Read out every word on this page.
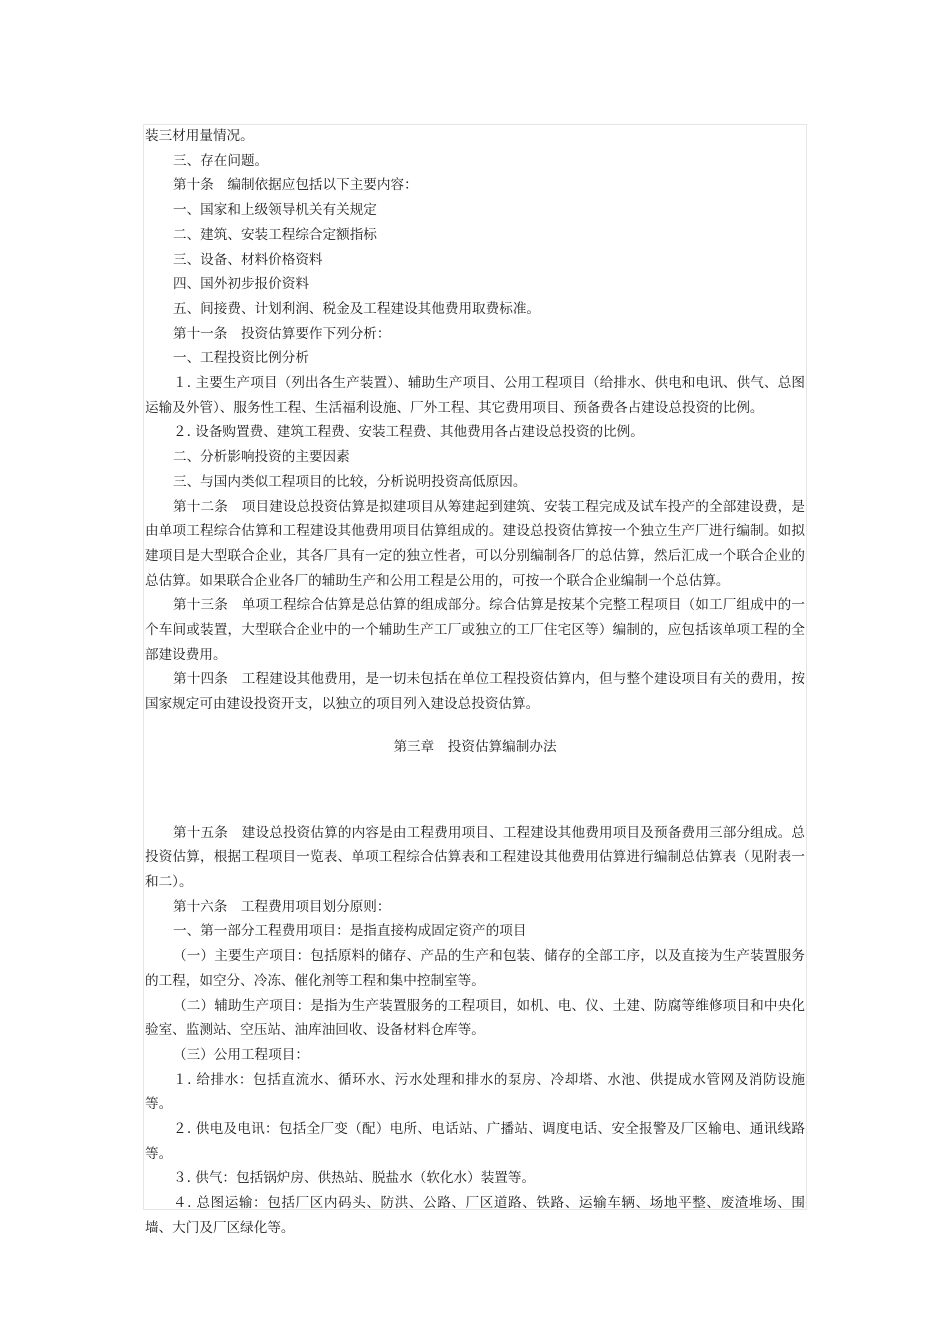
装三材用量情况。

三、存在问题。

第十条　编制依据应包括以下主要内容：

一、国家和上级领导机关有关规定

二、建筑、安装工程综合定额指标

三、设备、材料价格资料

四、国外初步报价资料

五、间接费、计划利润、税金及工程建设其他费用取费标准。

第十一条　投资估算要作下列分析：

一、工程投资比例分析

１. 主要生产项目（列出各生产装置）、辅助生产项目、公用工程项目（给排水、供电和电讯、供气、总图运输及外管）、服务性工程、生活福利设施、厂外工程、其它费用项目、预备费各占建设总投资的比例。

２. 设备购置费、建筑工程费、安装工程费、其他费用各占建设总投资的比例。

二、分析影响投资的主要因素

三、与国内类似工程项目的比较，分析说明投资高低原因。

第十二条　项目建设总投资估算是拟建项目从筹建起到建筑、安装工程完成及试车投产的全部建设费，是由单项工程综合估算和工程建设其他费用项目估算组成的。建设总投资估算按一个独立生产厂进行编制。如拟建项目是大型联合企业，其各厂具有一定的独立性者，可以分别编制各厂的总估算，然后汇成一个联合企业的总估算。如果联合企业各厂的辅助生产和公用工程是公用的，可按一个联合企业编制一个总估算。

第十三条　单项工程综合估算是总估算的组成部分。综合估算是按某个完整工程项目（如工厂组成中的一个车间或装置，大型联合企业中的一个辅助生产工厂或独立的工厂住宅区等）编制的，应包括该单项工程的全部建设费用。

第十四条　工程建设其他费用，是一切未包括在单位工程投资估算内，但与整个建设项目有关的费用，按国家规定可由建设投资开支，以独立的项目列入建设总投资估算。

第三章　投资估算编制办法

第十五条　建设总投资估算的内容是由工程费用项目、工程建设其他费用项目及预备费用三部分组成。总投资估算，根据工程项目一览表、单项工程综合估算表和工程建设其他费用估算进行编制总估算表（见附表一和二）。

第十六条　工程费用项目划分原则：

一、第一部分工程费用项目：是指直接构成固定资产的项目

（一）主要生产项目：包括原料的储存、产品的生产和包装、储存的全部工序，以及直接为生产装置服务的工程，如空分、冷冻、催化剂等工程和集中控制室等。

（二）辅助生产项目：是指为生产装置服务的工程项目，如机、电、仪、土建、防腐等维修项目和中央化验室、监测站、空压站、油库油回收、设备材料仓库等。

（三）公用工程项目：

１. 给排水：包括直流水、循环水、污水处理和排水的泵房、冷却塔、水池、供提成水管网及消防设施等。

２. 供电及电讯：包括全厂变（配）电所、电话站、广播站、调度电话、安全报警及厂区输电、通讯线路等。

３. 供气：包括锅炉房、供热站、脱盐水（软化水）装置等。

４. 总图运输：包括厂区内码头、防洪、公路、厂区道路、铁路、运输车辆、场地平整、废渣堆场、围墙、大门及厂区绿化等。
